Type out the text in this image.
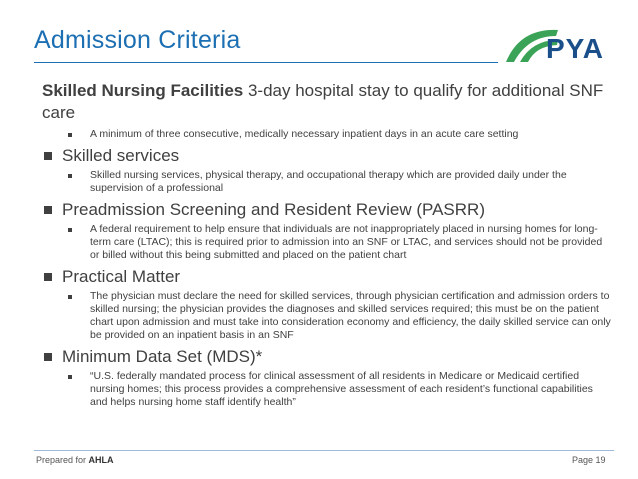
Admission Criteria	PYA

Skilled Nursing Facilities 3-day hospital stay to qualify for additional SNF care

A minimum of three consecutive, medically necessary inpatient days in an acute care setting
Skilled services
Skilled nursing services, physical therapy, and occupational therapy which are provided daily under the supervision of a professional
Preadmission Screening and Resident Review (PASRR)
A federal requirement to help ensure that individuals are not inappropriately placed in nursing homes for long-term care (LTAC); this is required prior to admission into an SNF or LTAC, and services should not be provided or billed without this being submitted and placed on the patient chart
Practical Matter
The physician must declare the need for skilled services, through physician certification and admission orders to skilled nursing; the physician provides the diagnoses and skilled services required; this must be on the patient chart upon admission and must take into consideration economy and efficiency, the daily skilled service can only be provided on an inpatient basis in an SNF
Minimum Data Set (MDS)*
“U.S. federally mandated process for clinical assessment of all residents in Medicare or Medicaid certified nursing homes; this process provides a comprehensive assessment of each resident’s functional capabilities and helps nursing home staff identify health”
Prepared for AHLA	Page 19
